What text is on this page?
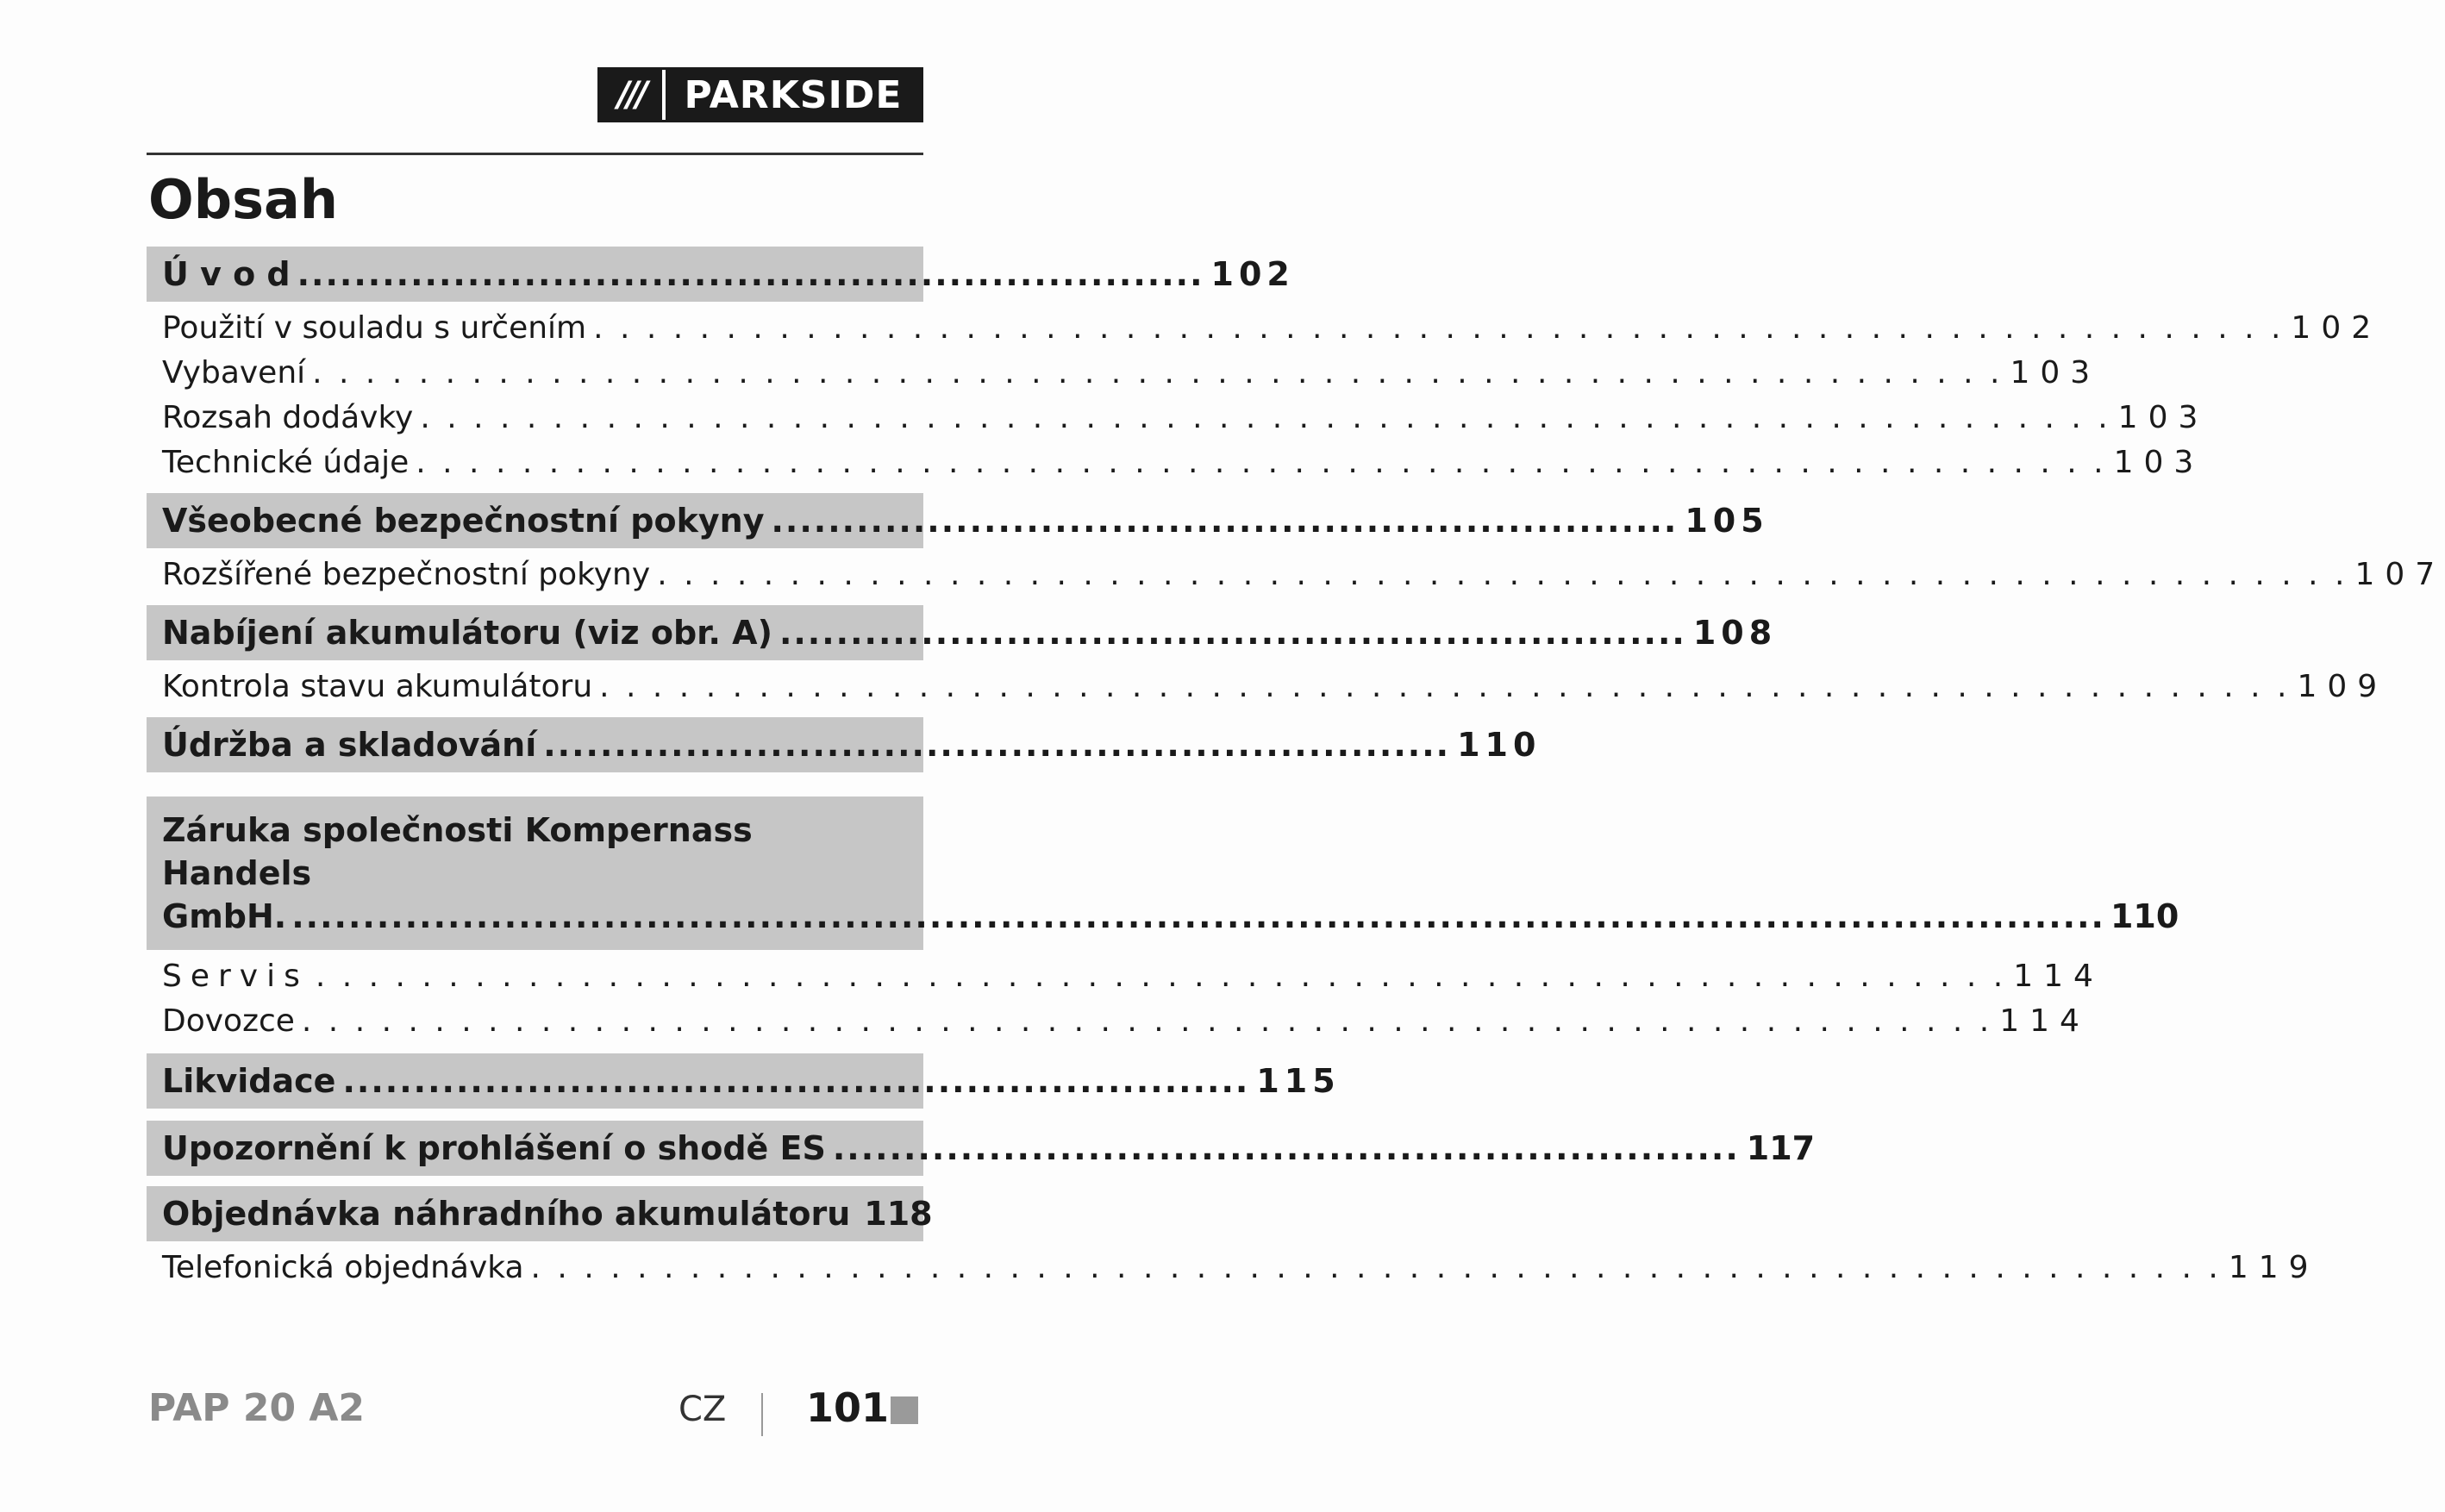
///	PARKSIDE
Obsah
Ú v o d .....	102
Použití v souladu s určením . . .	102
Vybavení . . .	103
Rozsah dodávky . . .	103
Technické údaje . . .	103
Všeobecné bezpečnostní pokyny .....	105
Rozšířené bezpečnostní pokyny . . .	107
Nabíjení akumulátoru (viz obr. A) .....	108
Kontrola stavu akumulátoru . . .	109
Údržba a skladování .....	110
Záruka společnosti Kompernass Handels
GmbH.	..... ................................................................ 110
Servis . . .	114
Dovozce . . .	114
Likvidace .....	115
Upozornění k prohlášení o shodě ES .....	117
Objednávka náhradního akumulátoru 118
Telefonická objednávka . . .	119
PAP 20 A2	CZ 101
